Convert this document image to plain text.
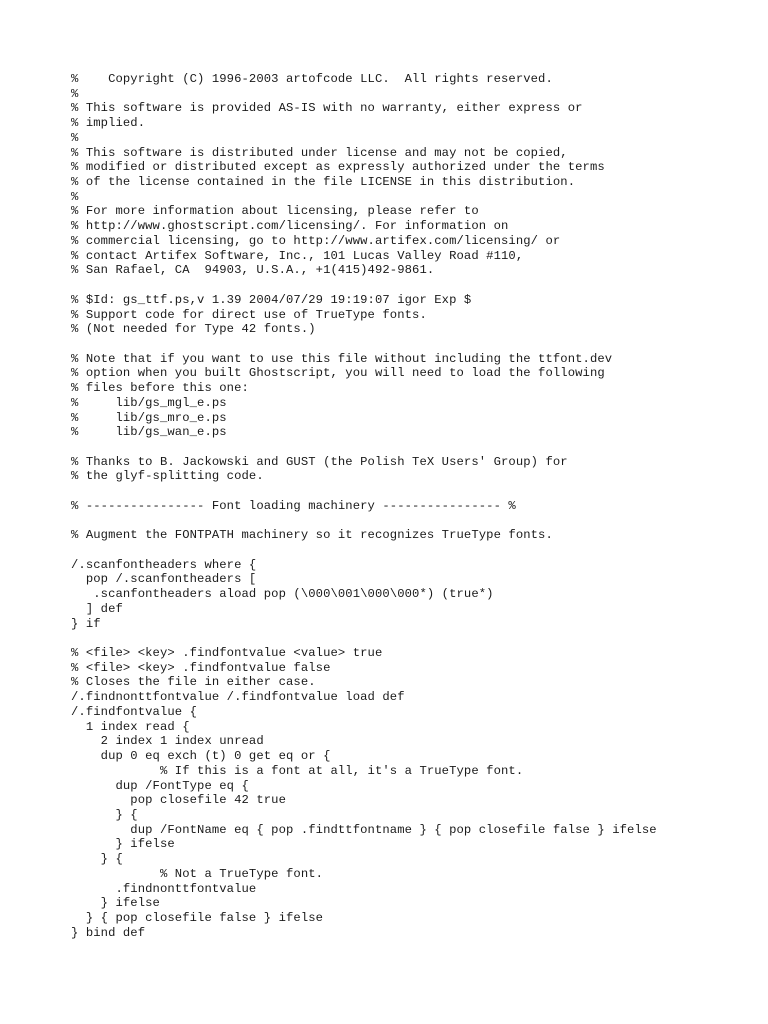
%    Copyright (C) 1996-2003 artofcode LLC.  All rights reserved.
%
% This software is provided AS-IS with no warranty, either express or
% implied.
%
% This software is distributed under license and may not be copied,
% modified or distributed except as expressly authorized under the terms
% of the license contained in the file LICENSE in this distribution.
%
% For more information about licensing, please refer to
% http://www.ghostscript.com/licensing/. For information on
% commercial licensing, go to http://www.artifex.com/licensing/ or
% contact Artifex Software, Inc., 101 Lucas Valley Road #110,
% San Rafael, CA  94903, U.S.A., +1(415)492-9861.
% $Id: gs_ttf.ps,v 1.39 2004/07/29 19:19:07 igor Exp $
% Support code for direct use of TrueType fonts.
% (Not needed for Type 42 fonts.)
% Note that if you want to use this file without including the ttfont.dev
% option when you built Ghostscript, you will need to load the following
% files before this one:
%     lib/gs_mgl_e.ps
%     lib/gs_mro_e.ps
%     lib/gs_wan_e.ps
% Thanks to B. Jackowski and GUST (the Polish TeX Users' Group) for
% the glyf-splitting code.
% ---------------- Font loading machinery ---------------- %
% Augment the FONTPATH machinery so it recognizes TrueType fonts.
/.scanfontheaders where {
pop /.scanfontheaders [
.scanfontheaders aload pop (\000\001\000\000*) (true*)
] def
} if
% <file> <key> .findfontvalue <value> true
% <file> <key> .findfontvalue false
% Closes the file in either case.
/.findnonttfontvalue /.findfontvalue load def
/.findfontvalue {
1 index read {
2 index 1 index unread
dup 0 eq exch (t) 0 get eq or {
% If this is a font at all, it's a TrueType font.
dup /FontType eq {
pop closefile 42 true
} {
dup /FontName eq { pop .findttfontname } { pop closefile false } ifelse
} ifelse
} {
% Not a TrueType font.
.findnonttfontvalue
} ifelse
} { pop closefile false } ifelse
} bind def
